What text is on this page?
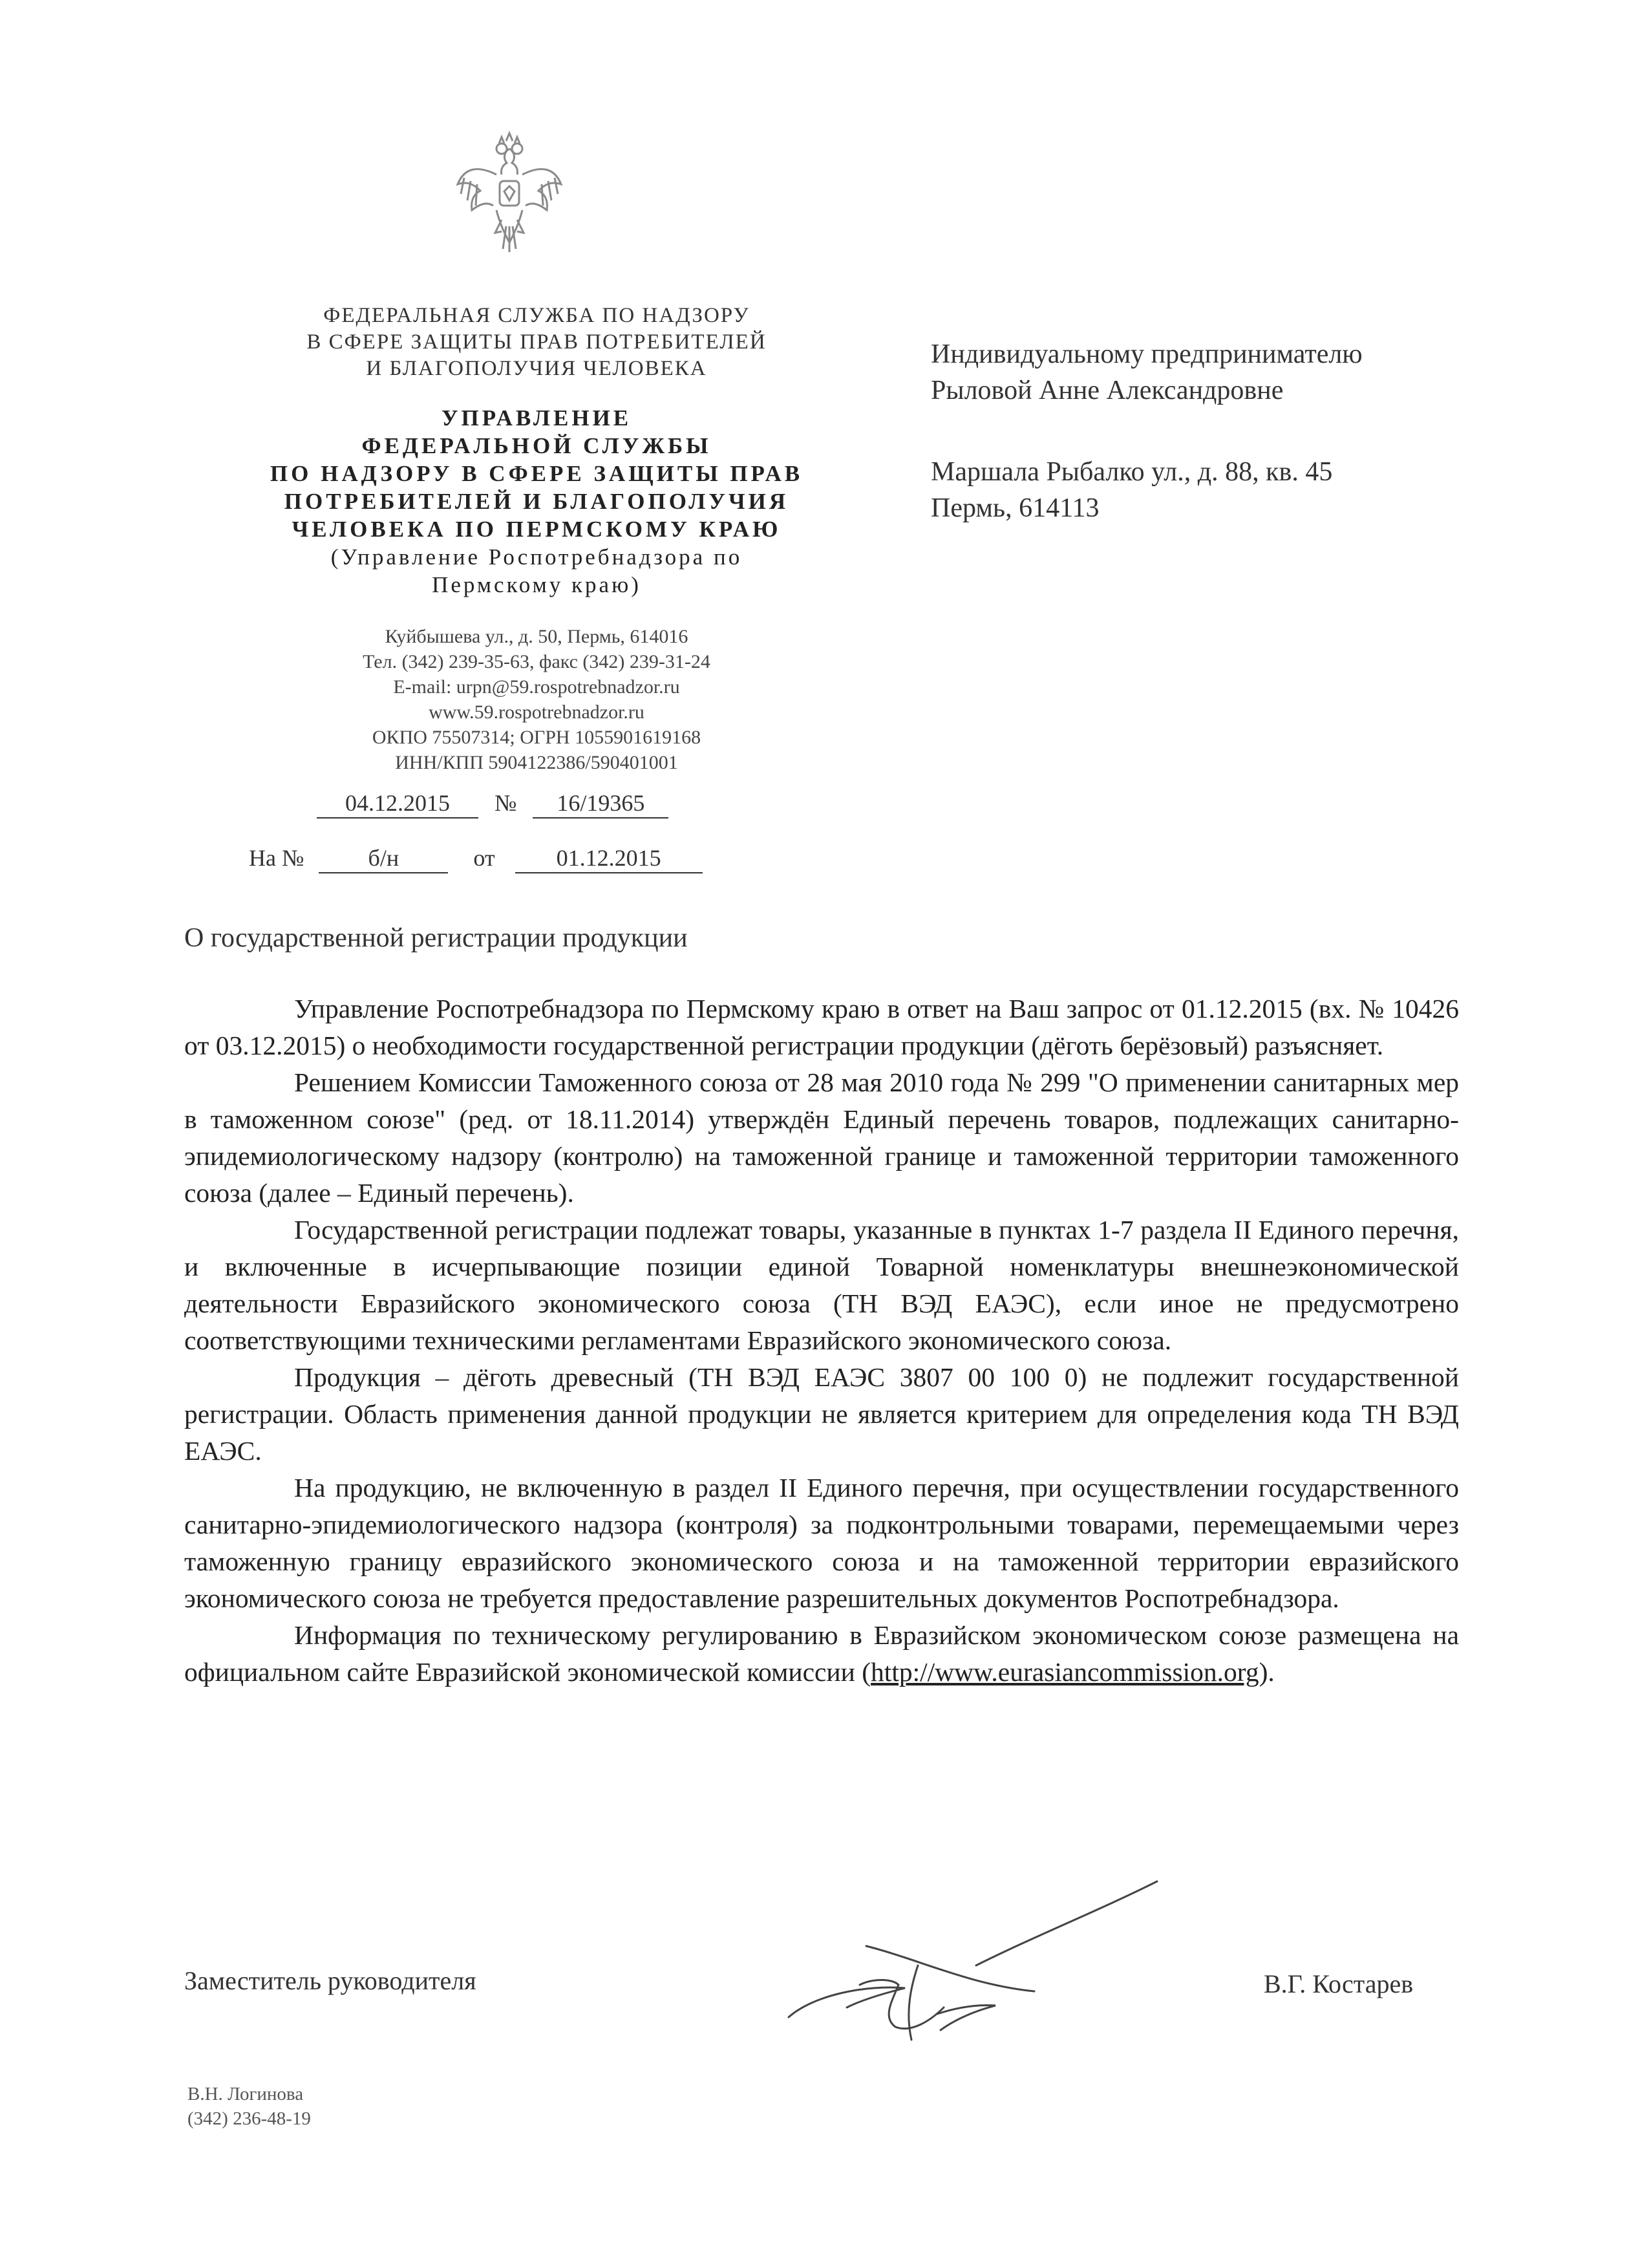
ФЕДЕРАЛЬНАЯ СЛУЖБА ПО НАДЗОРУ
В СФЕРЕ ЗАЩИТЫ ПРАВ ПОТРЕБИТЕЛЕЙ
И БЛАГОПОЛУЧИЯ ЧЕЛОВЕКА
УПРАВЛЕНИЕ
ФЕДЕРАЛЬНОЙ СЛУЖБЫ
ПО НАДЗОРУ В СФЕРЕ ЗАЩИТЫ ПРАВ
ПОТРЕБИТЕЛЕЙ И БЛАГОПОЛУЧИЯ
ЧЕЛОВЕКА ПО ПЕРМСКОМУ КРАЮ
(Управление Роспотребнадзора по
Пермскому краю)
Куйбышева ул., д. 50, Пермь, 614016
Тел. (342) 239-35-63, факс (342) 239-31-24
E-mail: urpn@59.rospotrebnadzor.ru
www.59.rospotrebnadzor.ru
ОКПО 75507314; ОГРН 1055901619168
ИНН/КПП 5904122386/590401001
04.12.2015 № 16/19365
На №	б/н	от	01.12.2015
Индивидуальному предпринимателю
Рыловой Анне Александровне
Маршала Рыбалко ул., д. 88, кв. 45
Пермь, 614113
О государственной регистрации продукции

Управление Роспотребнадзора по Пермскому краю в ответ на Ваш запрос от 01.12.2015 (вх. № 10426 от 03.12.2015) о необходимости государственной регистрации продукции (дёготь берёзовый) разъясняет.

Решением Комиссии Таможенного союза от 28 мая 2010 года № 299 "О применении санитарных мер в таможенном союзе" (ред. от 18.11.2014) утверждён Единый перечень товаров, подлежащих санитарно-эпидемиологическому надзору (контролю) на таможенной границе и таможенной территории таможенного союза (далее – Единый перечень).

Государственной регистрации подлежат товары, указанные в пунктах 1-7 раздела II Единого перечня, и включенные в исчерпывающие позиции единой Товарной номенклатуры внешнеэкономической деятельности Евразийского экономического союза (ТН ВЭД ЕАЭС), если иное не предусмотрено соответствующими техническими регламентами Евразийского экономического союза.

Продукция – дёготь древесный (ТН ВЭД ЕАЭС 3807 00 100 0) не подлежит государственной регистрации. Область применения данной продукции не является критерием для определения кода ТН ВЭД ЕАЭС.

На продукцию, не включенную в раздел II Единого перечня, при осуществлении государственного санитарно-эпидемиологического надзора (контроля) за подконтрольными товарами, перемещаемыми через таможенную границу евразийского экономического союза и на таможенной территории евразийского экономического союза не требуется предоставление разрешительных документов Роспотребнадзора.

Информация по техническому регулированию в Евразийском экономическом союзе размещена на официальном сайте Евразийской экономической комиссии (http://www.eurasiancommission.org).

Заместитель руководителя	В.Г. Костарев
В.Н. Логинова
(342) 236-48-19
